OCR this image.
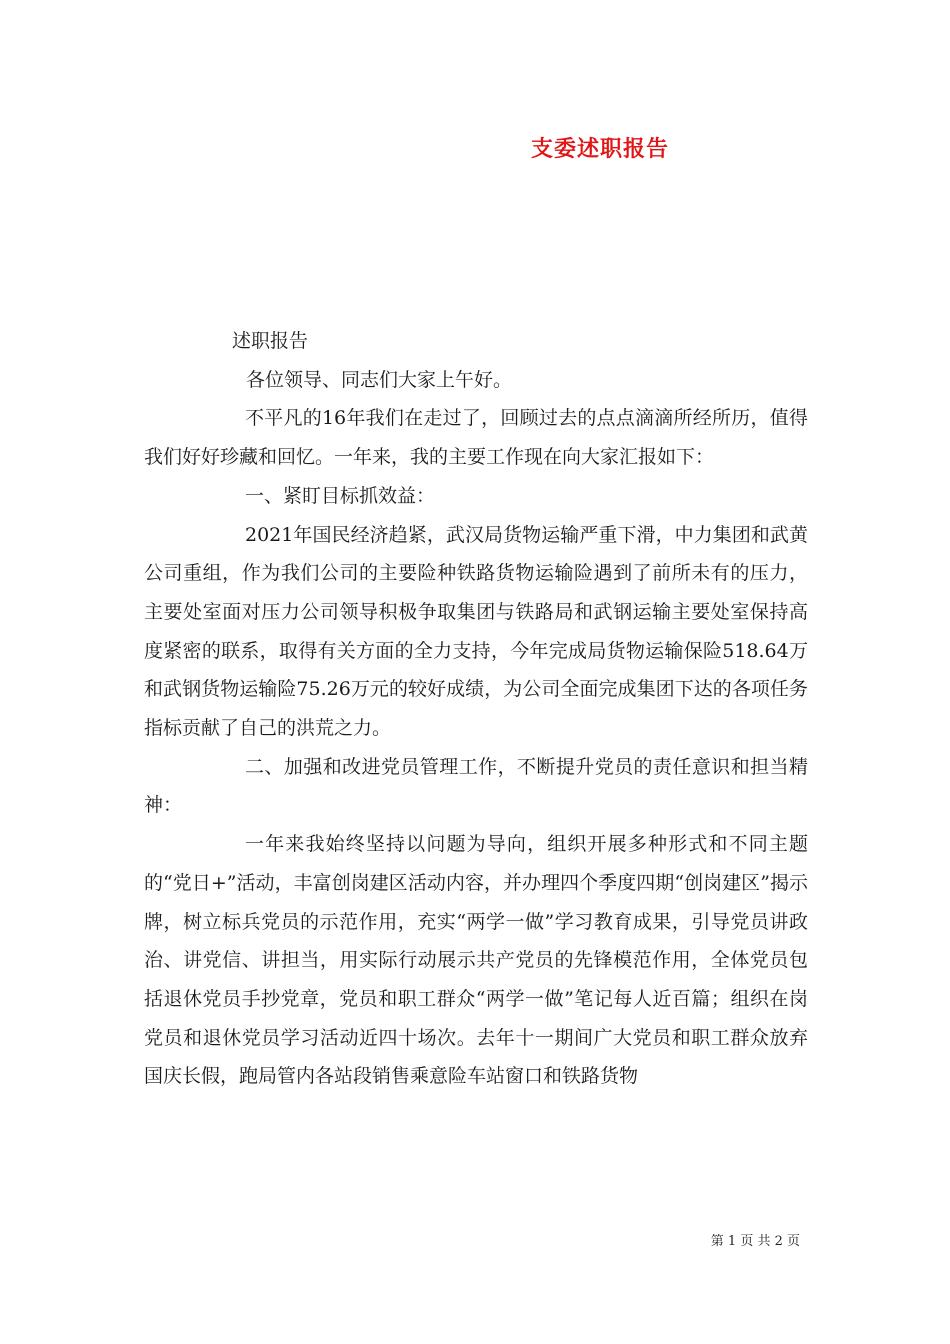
支委述职报告

述职报告

各位领导、同志们大家上午好。

不平凡的16年我们在走过了，回顾过去的点点滴滴所经所历，值得我们好好珍藏和回忆。一年来，我的主要工作现在向大家汇报如下：

一、紧盯目标抓效益：

2021年国民经济趋紧，武汉局货物运输严重下滑，中力集团和武黄公司重组，作为我们公司的主要险种铁路货物运输险遇到了前所未有的压力，主要处室面对压力公司领导积极争取集团与铁路局和武钢运输主要处室保持高度紧密的联系，取得有关方面的全力支持，今年完成局货物运输保险518.64万和武钢货物运输险75.26万元的较好成绩，为公司全面完成集团下达的各项任务指标贡献了自己的洪荒之力。

二、加强和改进党员管理工作，不断提升党员的责任意识和担当精神：

一年来我始终坚持以问题为导向，组织开展多种形式和不同主题的“党日+”活动，丰富创岗建区活动内容，并办理四个季度四期“创岗建区”揭示牌，树立标兵党员的示范作用，充实“两学一做”学习教育成果，引导党员讲政治、讲党信、讲担当，用实际行动展示共产党员的先锋模范作用，全体党员包括退休党员手抄党章，党员和职工群众“两学一做”笔记每人近百篇；组织在岗党员和退休党员学习活动近四十场次。去年十一期间广大党员和职工群众放弃国庆长假，跑局管内各站段销售乘意险车站窗口和铁路货物

第 1 页 共 2 页
